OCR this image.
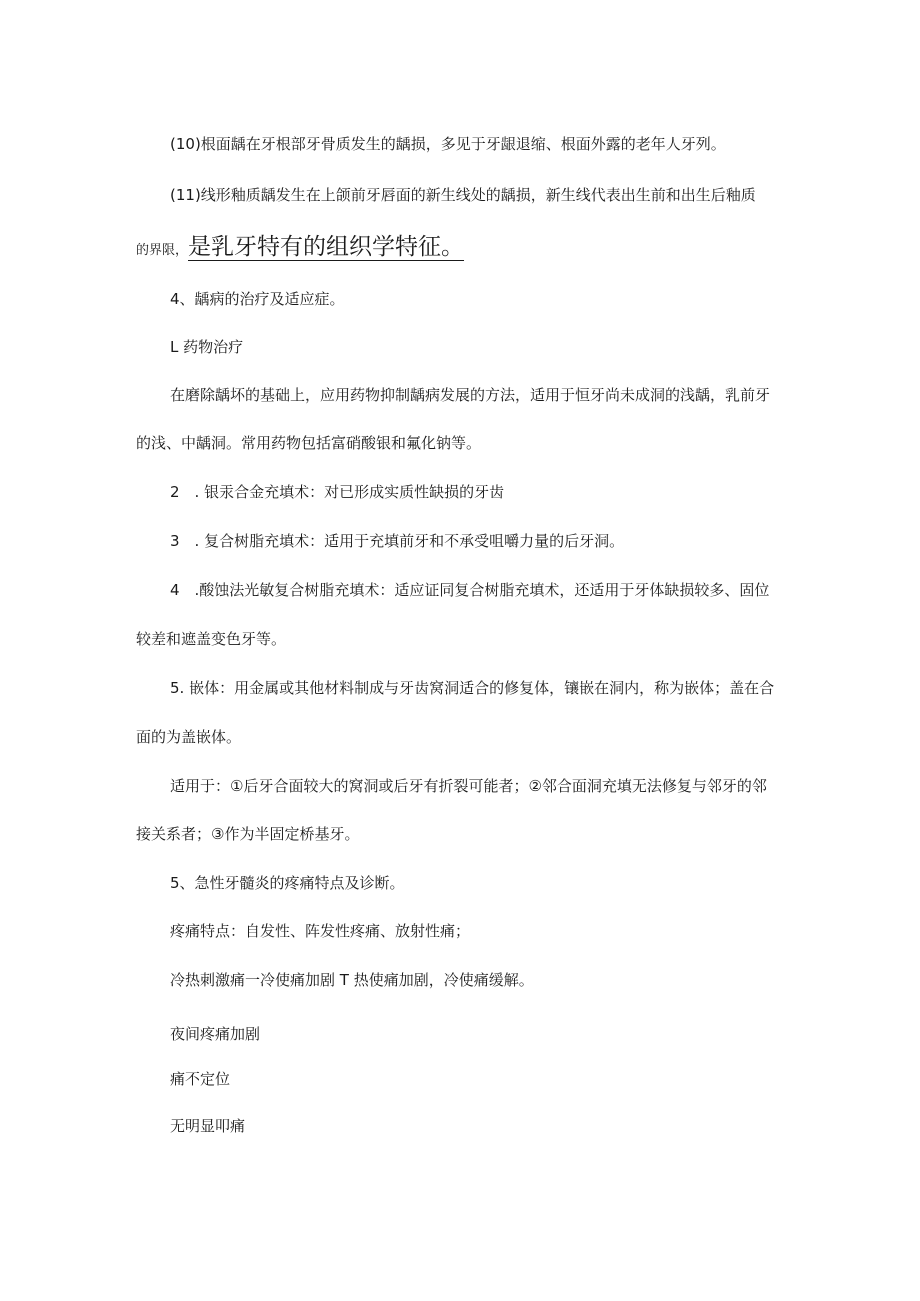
(10)根面龋在牙根部牙骨质发生的龋损，多见于牙龈退缩、根面外露的老年人牙列。
(11)线形釉质龋发生在上颌前牙唇面的新生线处的龋损，新生线代表出生前和出生后釉质
的界限，是乳牙特有的组织学特征。
4、龋病的治疗及适应症。
L 药物治疗
在磨除龋坏的基础上，应用药物抑制龋病发展的方法，适用于恒牙尚未成洞的浅龋，乳前牙
的浅、中龋洞。常用药物包括富硝酸银和氟化钠等。
2　. 银汞合金充填术：对已形成实质性缺损的牙齿
3　. 复合树脂充填术：适用于充填前牙和不承受咀嚼力量的后牙洞。
4　.酸蚀法光敏复合树脂充填术：适应证同复合树脂充填术，还适用于牙体缺损较多、固位
较差和遮盖变色牙等。
5. 嵌体：用金属或其他材料制成与牙齿窝洞适合的修复体，镶嵌在洞内，称为嵌体；盖在合
面的为盖嵌体。
适用于：①后牙合面较大的窝洞或后牙有折裂可能者；②邻合面洞充填无法修复与邻牙的邻
接关系者；③作为半固定桥基牙。
5、急性牙髓炎的疼痛特点及诊断。
疼痛特点：自发性、阵发性疼痛、放射性痛；
冷热刺激痛一冷使痛加剧 T 热使痛加剧，冷使痛缓解。
夜间疼痛加剧
痛不定位
无明显叩痛
